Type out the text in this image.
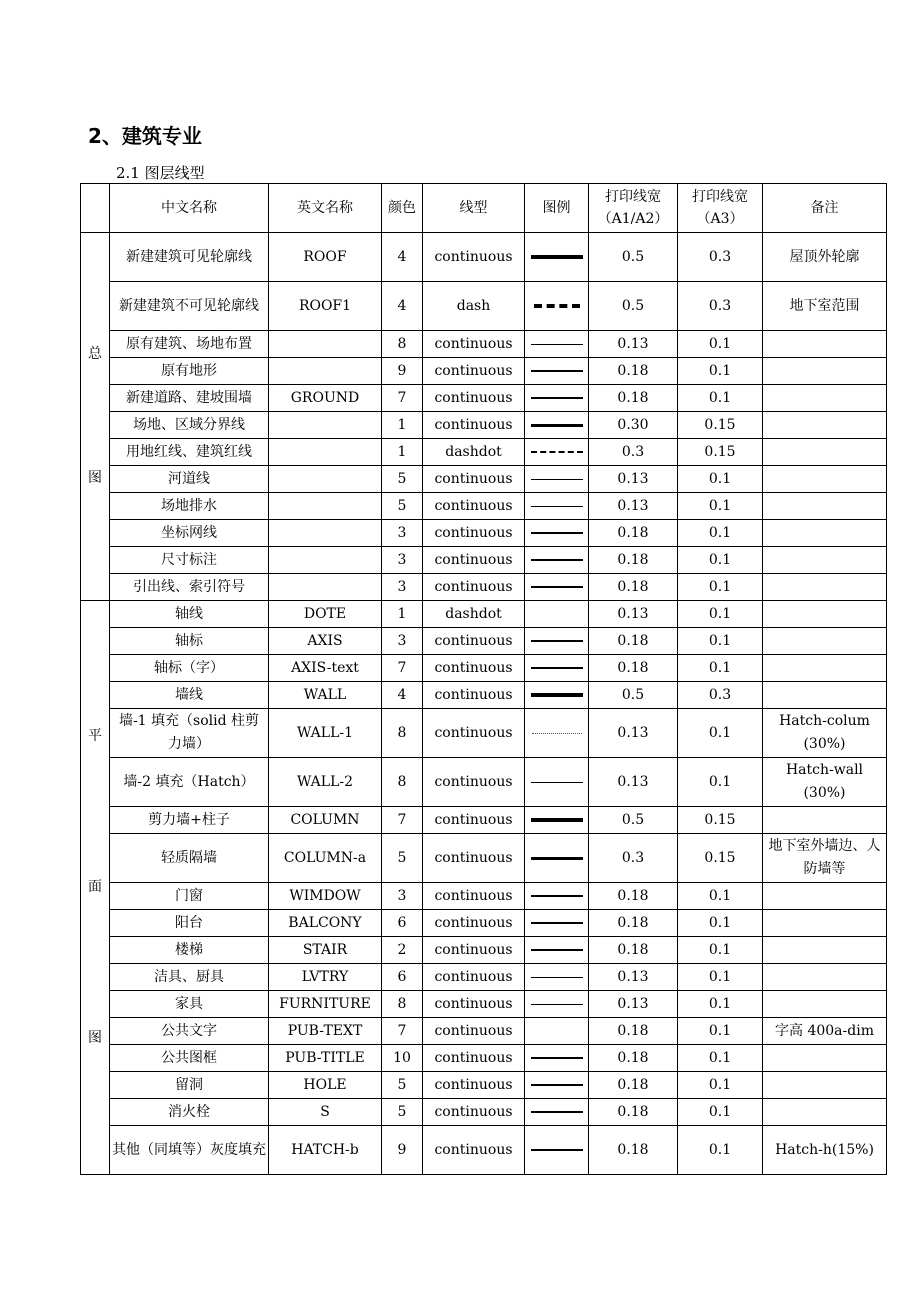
2、建筑专业
2.1 图层线型
	中文名称	英文名称	颜色	线型	图例	打印线宽（A1/A2）	打印线宽（A3）	备注

总
图	新建建筑可见轮廓线	ROOF	4	continuous		0.5	0.3	屋顶外轮廓
	新建建筑不可见轮廓线	ROOF1	4	dash		0.5	0.3	地下室范围
	原有建筑、场地布置		8	continuous		0.13	0.1	
	原有地形		9	continuous		0.18	0.1	
	新建道路、建坡围墙	GROUND	7	continuous		0.18	0.1	
	场地、区域分界线		1	continuous		0.30	0.15	
	用地红线、建筑红线		1	dashdot		0.3	0.15	
	河道线		5	continuous		0.13	0.1	
	场地排水		5	continuous		0.13	0.1	
	坐标网线		3	continuous		0.18	0.1	
	尺寸标注		3	continuous		0.18	0.1	
	引出线、索引符号		3	continuous		0.18	0.1	

平
面
图	轴线	DOTE	1	dashdot		0.13	0.1	
	轴标	AXIS	3	continuous		0.18	0.1	
	轴标（字）	AXIS-text	7	continuous		0.18	0.1	
	墙线	WALL	4	continuous		0.5	0.3	
	墙-1 填充（solid 柱剪力墙）	WALL-1	8	continuous		0.13	0.1	Hatch-colum (30%)
	墙-2 填充（Hatch）	WALL-2	8	continuous		0.13	0.1	Hatch-wall (30%)
	剪力墙+柱子	COLUMN	7	continuous		0.5	0.15	
	轻质隔墙	COLUMN-a	5	continuous		0.3	0.15	地下室外墙边、人防墙等
	门窗	WIMDOW	3	continuous		0.18	0.1	
	阳台	BALCONY	6	continuous		0.18	0.1	
	楼梯	STAIR	2	continuous		0.18	0.1	
	洁具、厨具	LVTRY	6	continuous		0.13	0.1	
	家具	FURNITURE	8	continuous		0.13	0.1	
	公共文字	PUB-TEXT	7	continuous		0.18	0.1	字高 400a-dim
	公共图框	PUB-TITLE	10	continuous		0.18	0.1	
	留洞	HOLE	5	continuous		0.18	0.1	
	消火栓	S	5	continuous		0.18	0.1	
	其他（同填等）灰度填充	HATCH-b	9	continuous		0.18	0.1	Hatch-h(15%)
